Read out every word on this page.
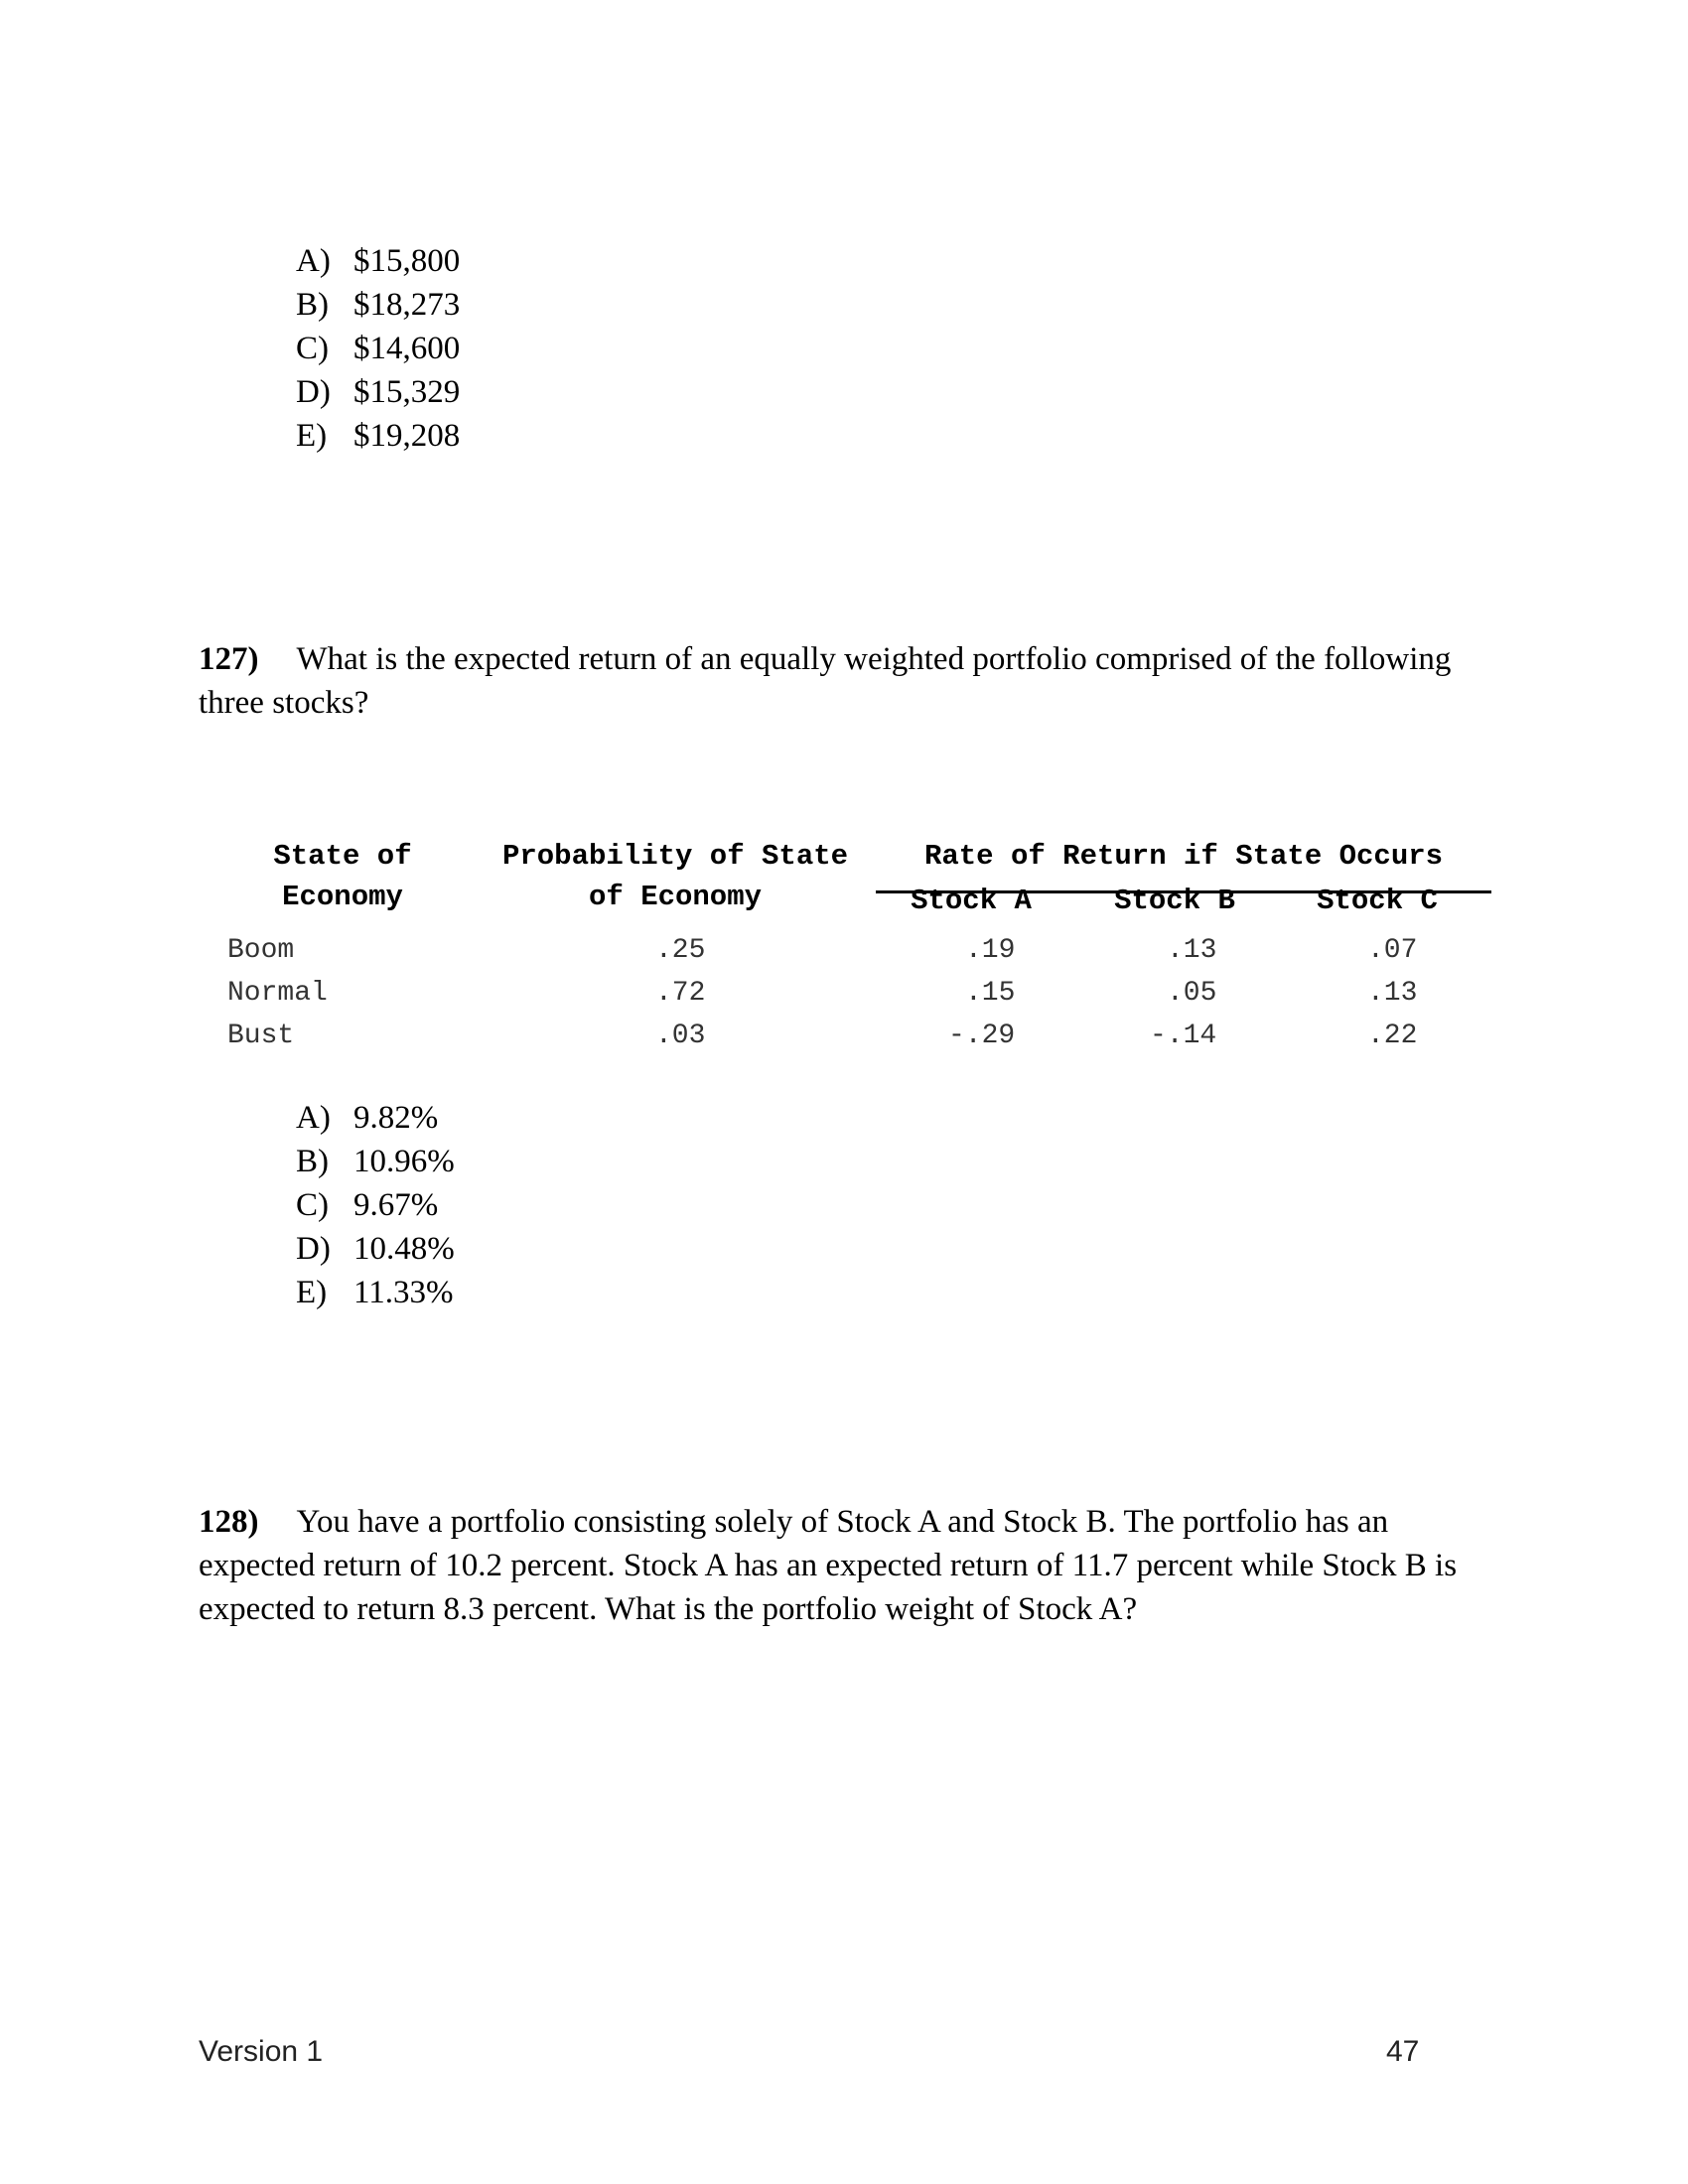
A) $15,800
B) $18,273
C) $14,600
D) $15,329
E) $19,208

127) What is the expected return of an equally weighted portfolio comprised of the following three stocks?

State of
Economy
Probability of State
of Economy
Rate of Return if State Occurs
Stock A	Stock B	Stock C
Boom	.25	.19	.13	.07
Normal	.72	.15	.05	.13
Bust	.03	-.29	-.14	.22
A) 9.82%
B) 10.96%
C) 9.67%
D) 10.48%
E) 11.33%

128) You have a portfolio consisting solely of Stock A and Stock B. The portfolio has an expected return of 10.2 percent. Stock A has an expected return of 11.7 percent while Stock B is expected to return 8.3 percent. What is the portfolio weight of Stock A?

Version 1	47
